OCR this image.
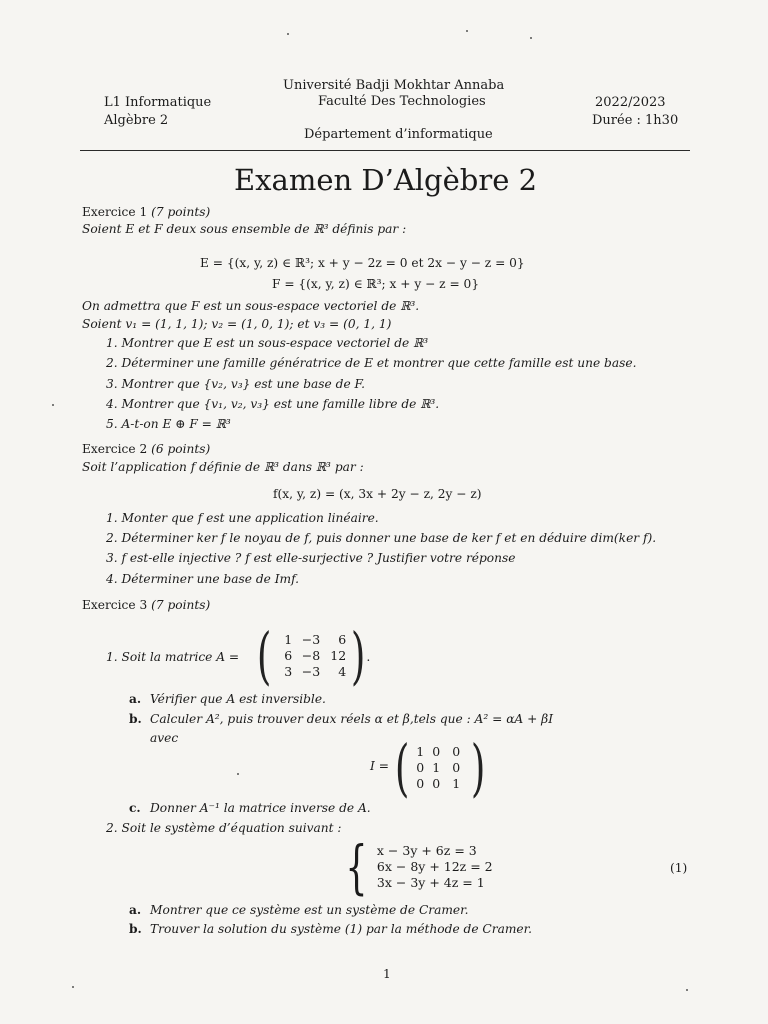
L1 Informatique
Algèbre 2
Université Badji Mokhtar Annaba
Faculté Des Technologies
Département d’informatique
2022/2023
Durée : 1h30
Examen D’Algèbre 2
Exercice 1 (7 points)
Soient E et F deux sous ensemble de ℝ³ définis par :
E = {(x, y, z) ∈ ℝ³; x + y − 2z = 0 et 2x − y − z = 0}
F = {(x, y, z) ∈ ℝ³; x + y − z = 0}
On admettra que F est un sous-espace vectoriel de ℝ³.
Soient v₁ = (1, 1, 1); v₂ = (1, 0, 1); et v₃ = (0, 1, 1)
1. Montrer que E est un sous-espace vectoriel de ℝ³
2. Déterminer une famille génératrice de E et montrer que cette famille est une base.
3. Montrer que {v₂, v₃} est une base de F.
4. Montrer que {v₁, v₂, v₃} est une famille libre de ℝ³.
5. A-t-on E ⊕ F = ℝ³
Exercice 2 (6 points)
Soit l’application f définie de ℝ³ dans ℝ³ par :
f(x, y, z) = (x, 3x + 2y − z, 2y − z)
1. Monter que f est une application linéaire.
2. Déterminer ker f le noyau de f, puis donner une base de ker f et en déduire dim(ker f).
3. f est-elle injective ? f est elle-surjective ? Justifier votre réponse
4. Déterminer une base de Imf.
Exercice 3 (7 points)
1. Soit la matrice A = (	1 −3	6
6 −8 12
3 −3	4 ) .
a. Vérifier que A est inversible.
b. Calculer A², puis trouver deux réels α et β,tels que : A² = αA + βI
avec
I = ( 1 0 0
0 1 0
0 0 1 )
c. Donner A⁻¹ la matrice inverse de A.
2. Soit le système d’équation suivant :
{ x − 3y + 6z = 3
6x − 8y + 12z = 2
3x − 3y + 4z = 1
(1)
a. Montrer que ce système est un système de Cramer.
b. Trouver la solution du système (1) par la méthode de Cramer.
1
